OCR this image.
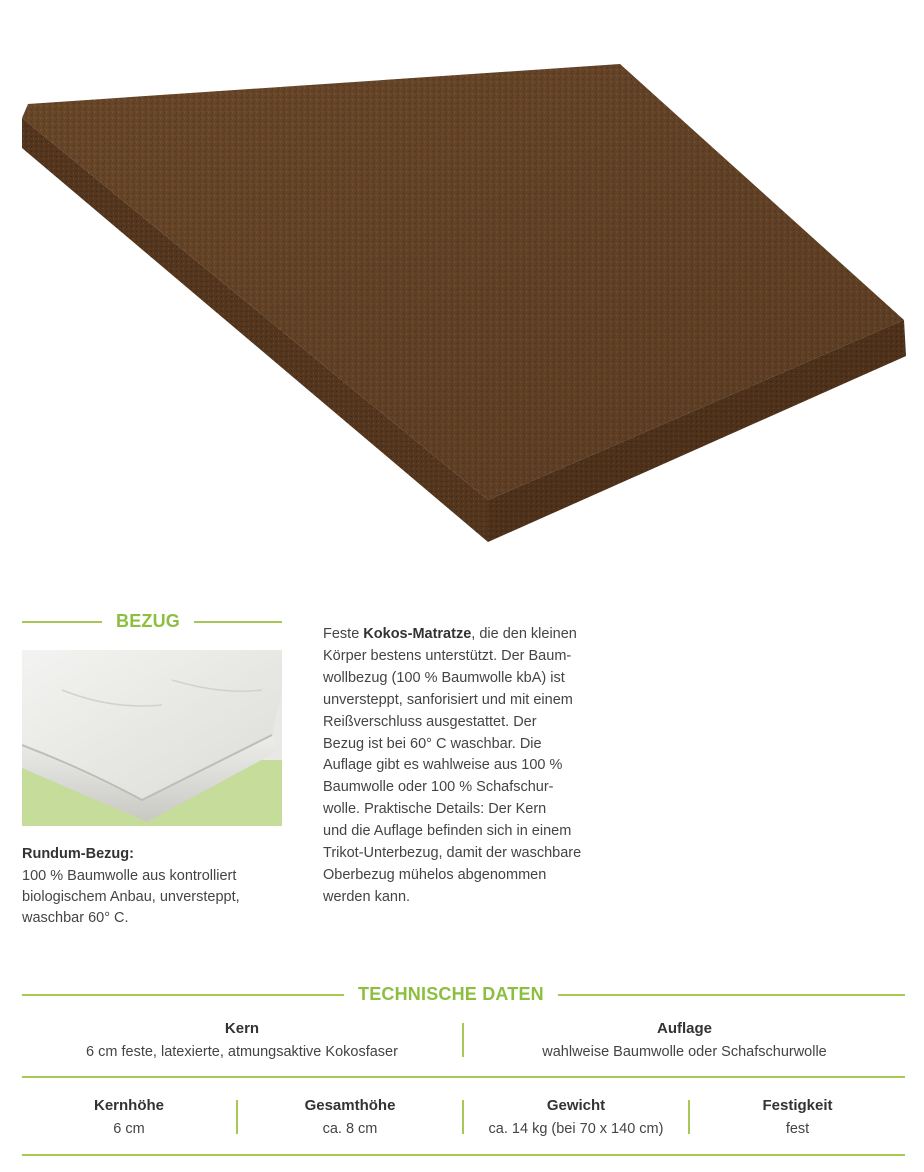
BEZUG
Rundum-Bezug:
100 % Baumwolle aus kontrolliert biologischem Anbau, unversteppt, waschbar 60° C.
Feste Kokos-Matratze, die den kleinen
Körper bestens unterstützt. Der Baum-
wollbezug (100 % Baumwolle kbA) ist
unversteppt, sanforisiert und mit einem
Reißverschluss ausgestattet. Der
Bezug ist bei 60° C waschbar. Die
Auflage gibt es wahlweise aus 100 %
Baumwolle oder 100 % Schafschur-
wolle. Praktische Details: Der Kern
und die Auflage befinden sich in einem
Trikot-Unterbezug, damit der waschbare
Oberbezug mühelos abgenommen
werden kann.
TECHNISCHE DATEN
Kern
6 cm feste, latexierte, atmungsaktive Kokosfaser
Auflage
wahlweise Baumwolle oder Schafschurwolle
Kernhöhe
6 cm
Gesamthöhe
ca. 8 cm
Gewicht
ca. 14 kg (bei 70 x 140 cm)
Festigkeit
fest
